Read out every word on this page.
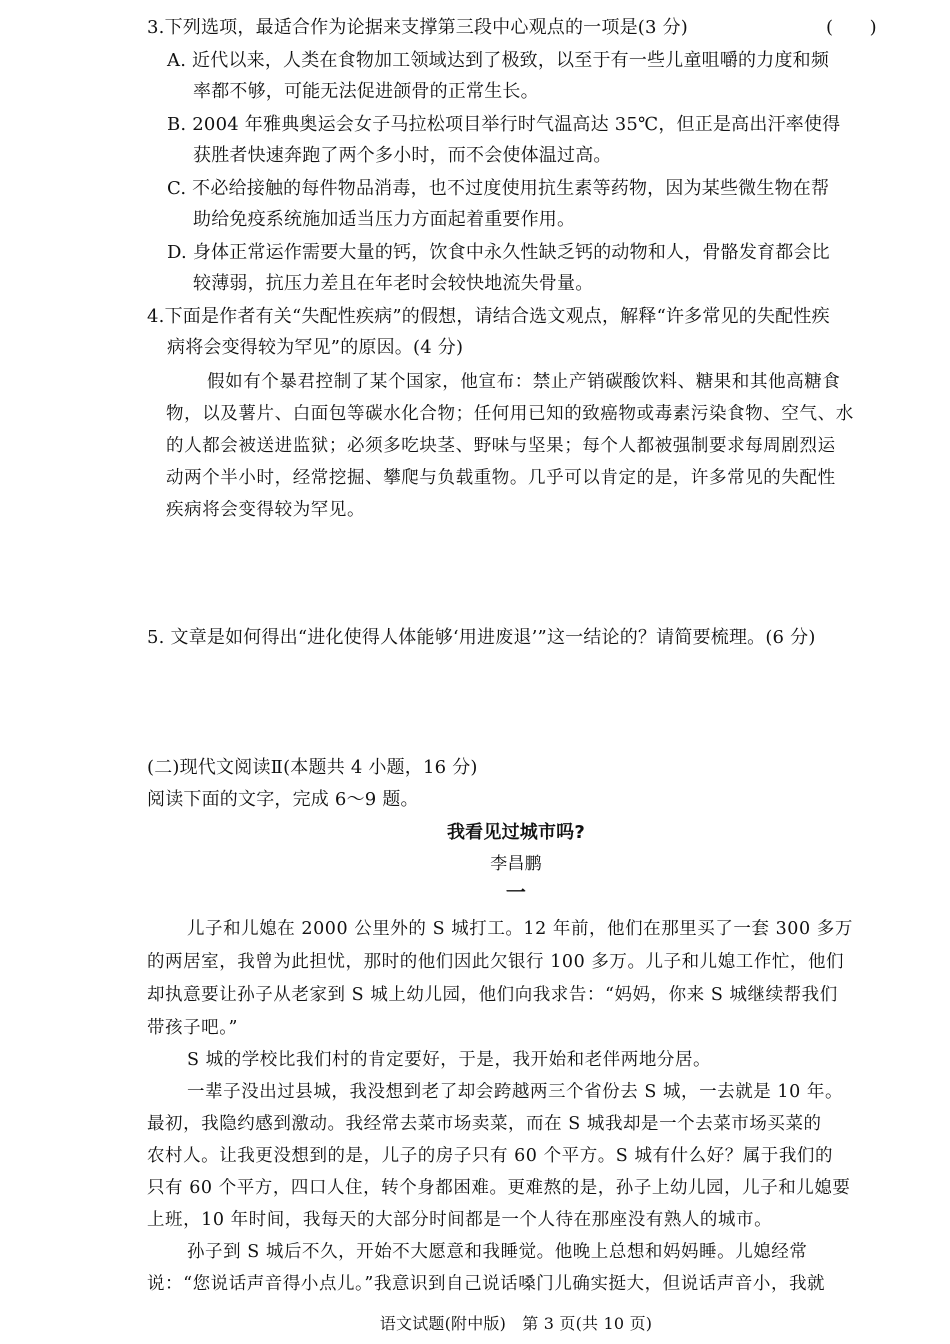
3.下列选项，最适合作为论据来支撑第三段中心观点的一项是(3 分)	(　　)
A. 近代以来，人类在食物加工领域达到了极致，以至于有一些儿童咀嚼的力度和频
率都不够，可能无法促进颌骨的正常生长。
B. 2004 年雅典奥运会女子马拉松项目举行时气温高达 35℃，但正是高出汗率使得
获胜者快速奔跑了两个多小时，而不会使体温过高。
C. 不必给接触的每件物品消毒，也不过度使用抗生素等药物，因为某些微生物在帮
助给免疫系统施加适当压力方面起着重要作用。
D. 身体正常运作需要大量的钙，饮食中永久性缺乏钙的动物和人，骨骼发育都会比
较薄弱，抗压力差且在年老时会较快地流失骨量。
4.下面是作者有关“失配性疾病”的假想，请结合选文观点，解释“许多常见的失配性疾
病将会变得较为罕见”的原因。(4 分)
假如有个暴君控制了某个国家，他宣布：禁止产销碳酸饮料、糖果和其他高糖食
物，以及薯片、白面包等碳水化合物；任何用已知的致癌物或毒素污染食物、空气、水
的人都会被送进监狱；必须多吃块茎、野味与坚果；每个人都被强制要求每周剧烈运
动两个半小时，经常挖掘、攀爬与负载重物。几乎可以肯定的是，许多常见的失配性
疾病将会变得较为罕见。
5. 文章是如何得出“进化使得人体能够‘用进废退’”这一结论的？请简要梳理。(6 分)
(二)现代文阅读Ⅱ(本题共 4 小题，16 分)
阅读下面的文字，完成 6～9 题。
我看见过城市吗?
李昌鹏
一
儿子和儿媳在 2000 公里外的 S 城打工。12 年前，他们在那里买了一套 300 多万
的两居室，我曾为此担忧，那时的他们因此欠银行 100 多万。儿子和儿媳工作忙，他们
却执意要让孙子从老家到 S 城上幼儿园，他们向我求告：“妈妈，你来 S 城继续帮我们
带孩子吧。”
S 城的学校比我们村的肯定要好，于是，我开始和老伴两地分居。
一辈子没出过县城，我没想到老了却会跨越两三个省份去 S 城，一去就是 10 年。
最初，我隐约感到激动。我经常去菜市场卖菜，而在 S 城我却是一个去菜市场买菜的
农村人。让我更没想到的是，儿子的房子只有 60 个平方。S 城有什么好？属于我们的
只有 60 个平方，四口人住，转个身都困难。更难熬的是，孙子上幼儿园，儿子和儿媳要
上班，10 年时间，我每天的大部分时间都是一个人待在那座没有熟人的城市。
孙子到 S 城后不久，开始不大愿意和我睡觉。他晚上总想和妈妈睡。儿媳经常
说：“您说话声音得小点儿。”我意识到自己说话嗓门儿确实挺大，但说话声音小，我就
语文试题(附中版)　第 3 页(共 10 页)
